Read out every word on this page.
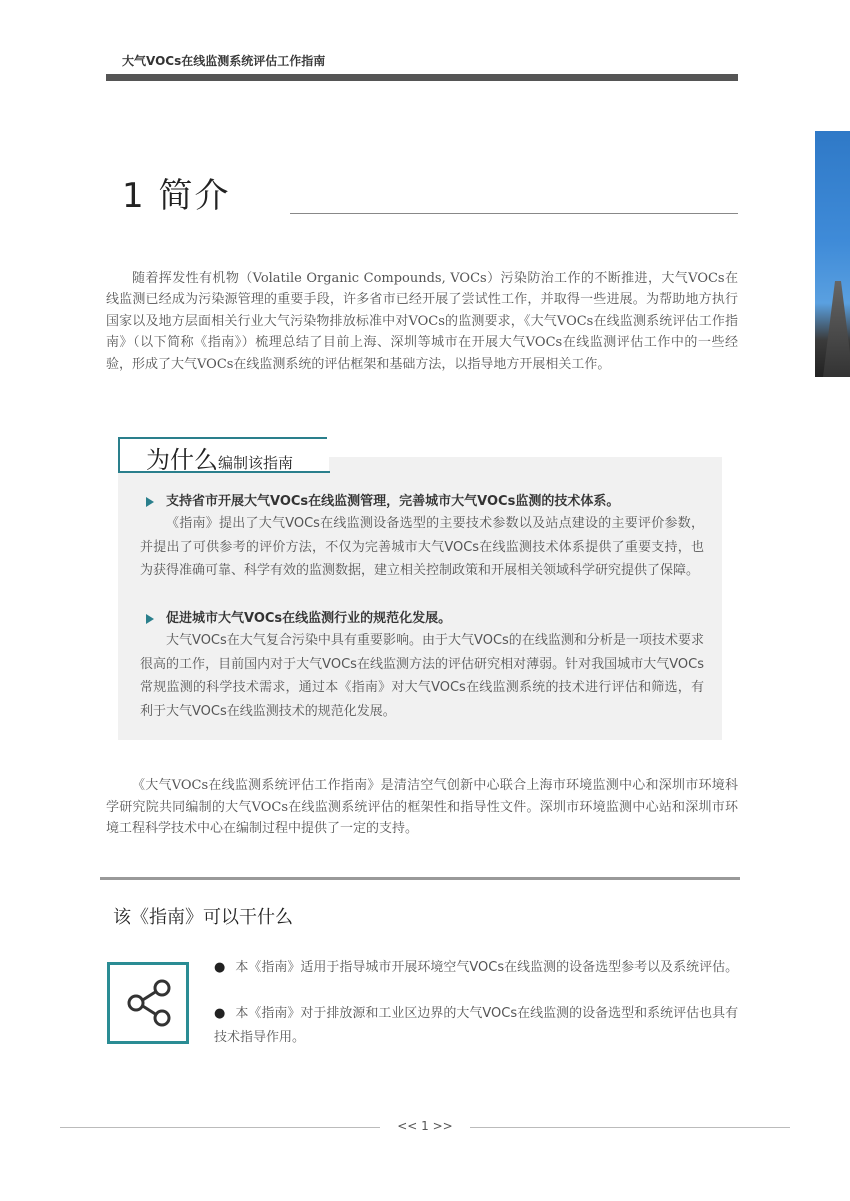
大气VOCs在线监测系统评估工作指南
1 简介

随着挥发性有机物（Volatile Organic Compounds, VOCs）污染防治工作的不断推进，大气VOCs在线监测已经成为污染源管理的重要手段，许多省市已经开展了尝试性工作，并取得一些进展。为帮助地方执行国家以及地方层面相关行业大气污染物排放标准中对VOCs的监测要求，《大气VOCs在线监测系统评估工作指南》（以下简称《指南》）梳理总结了目前上海、深圳等城市在开展大气VOCs在线监测评估工作中的一些经验，形成了大气VOCs在线监测系统的评估框架和基础方法，以指导地方开展相关工作。

为什么编制该指南
支持省市开展大气VOCs在线监测管理，完善城市大气VOCs监测的技术体系。

《指南》提出了大气VOCs在线监测设备选型的主要技术参数以及站点建设的主要评价参数，并提出了可供参考的评价方法，不仅为完善城市大气VOCs在线监测技术体系提供了重要支持，也为获得准确可靠、科学有效的监测数据，建立相关控制政策和开展相关领域科学研究提供了保障。

促进城市大气VOCs在线监测行业的规范化发展。

大气VOCs在大气复合污染中具有重要影响。由于大气VOCs的在线监测和分析是一项技术要求很高的工作，目前国内对于大气VOCs在线监测方法的评估研究相对薄弱。针对我国城市大气VOCs常规监测的科学技术需求，通过本《指南》对大气VOCs在线监测系统的技术进行评估和筛选，有利于大气VOCs在线监测技术的规范化发展。

《大气VOCs在线监测系统评估工作指南》是清洁空气创新中心联合上海市环境监测中心和深圳市环境科学研究院共同编制的大气VOCs在线监测系统评估的框架性和指导性文件。深圳市环境监测中心站和深圳市环境工程科学技术中心在编制过程中提供了一定的支持。

该《指南》可以干什么

● 本《指南》适用于指导城市开展环境空气VOCs在线监测的设备选型参考以及系统评估。

● 本《指南》对于排放源和工业区边界的大气VOCs在线监测的设备选型和系统评估也具有技术指导作用。

<< 1 >>
